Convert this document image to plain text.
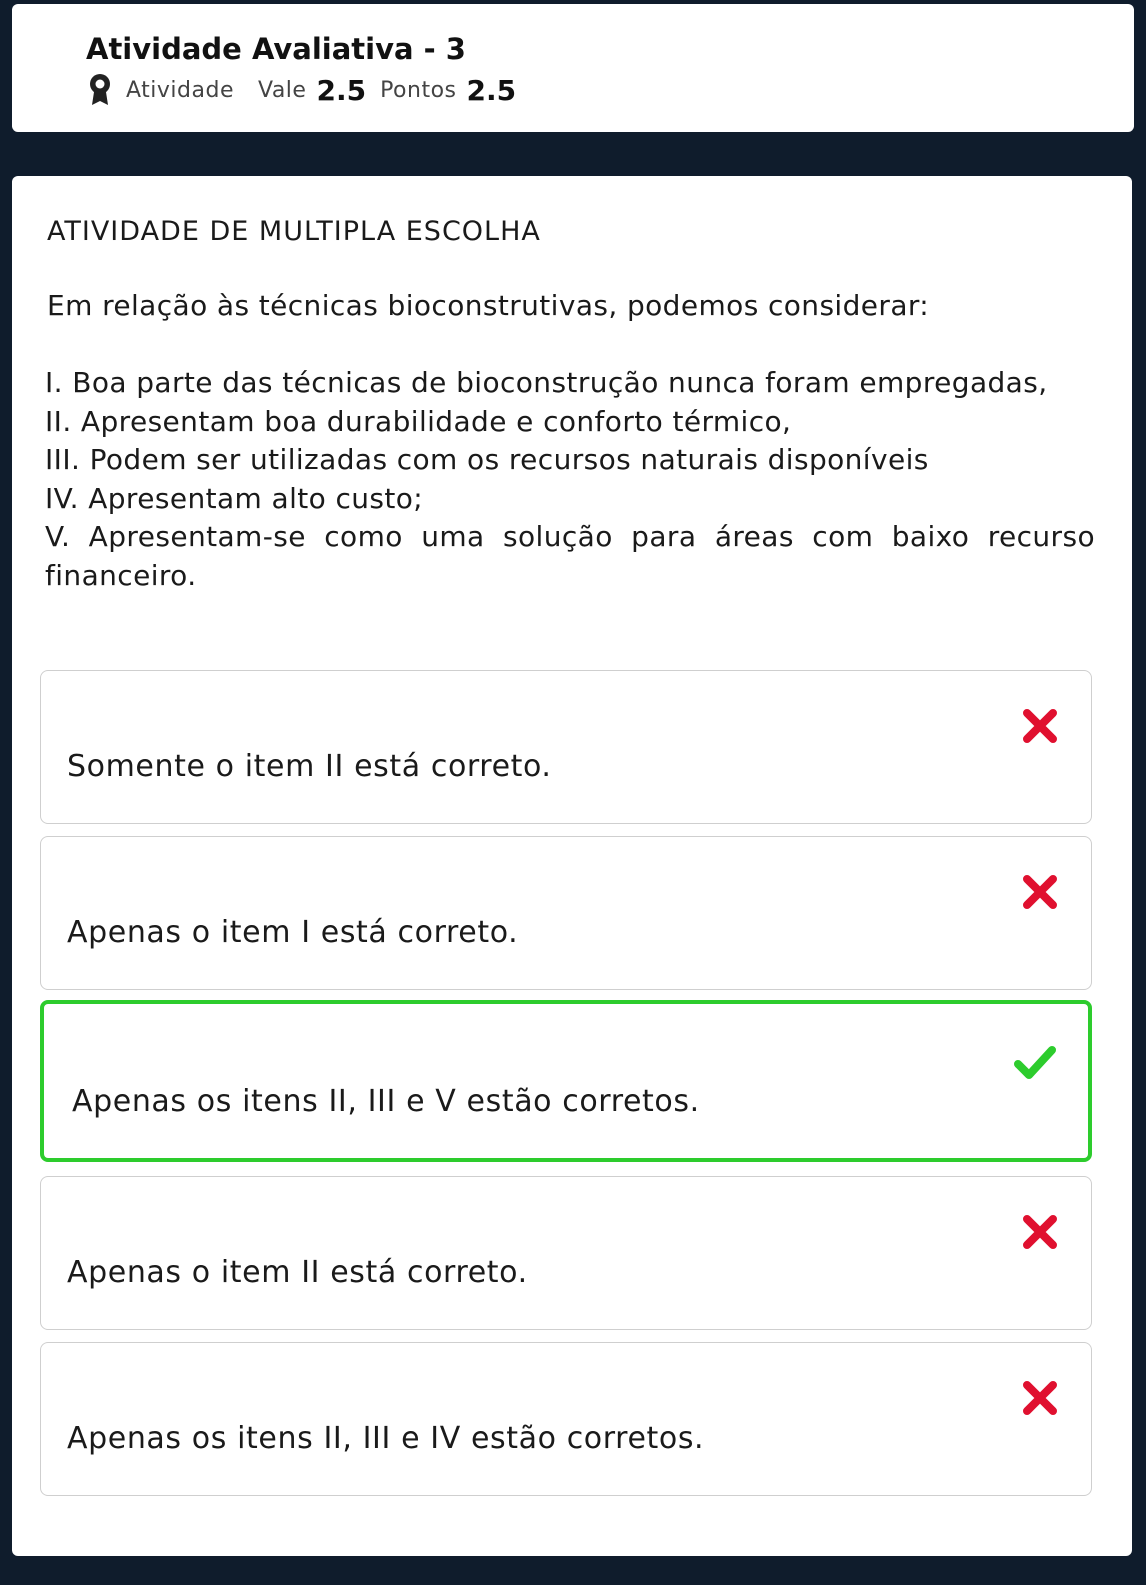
Atividade Avaliativa - 3
Atividade Vale 2.5 Pontos 2.5
ATIVIDADE DE MULTIPLA ESCOLHA
Em relação às técnicas bioconstrutivas, podemos considerar:
I. Boa parte das técnicas de bioconstrução nunca foram empregadas,
II. Apresentam boa durabilidade e conforto térmico,
III. Podem ser utilizadas com os recursos naturais disponíveis
IV. Apresentam alto custo;
V. Apresentam-se como uma solução para áreas com baixo recurso financeiro.
Somente o item II está correto.
Apenas o item I está correto.
Apenas os itens II, III e V estão corretos.
Apenas o item II está correto.
Apenas os itens II, III e IV estão corretos.
